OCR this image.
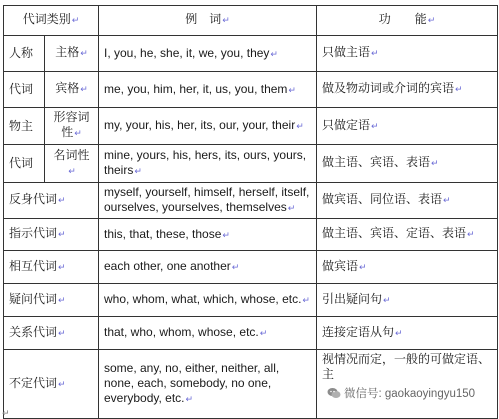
代词类别↵		例　词↵	功　　能↵
人称	主格↵	I, you, he, she, it, we, you, they↵	只做主语↵
代词	宾格↵	me, you, him, her, it, us, you, them↵	做及物动词或介词的宾语↵
物主	形容词性↵	my, your, his, her, its, our, your, their↵	只做定语↵
代词	名词性↵	mine, yours, his, hers, its, ours, yours, theirs↵	做主语、宾语、表语↵
反身代词↵		myself, yourself, himself, herself, itself, ourselves, yourselves, themselves↵	做宾语、同位语、表语↵
指示代词↵		this, that, these, those↵	做主语、宾语、定语、表语↵
相互代词↵		each other, one another↵	做宾语↵
疑问代词↵		who, whom, what, which, whose, etc.↵	引出疑问句↵
关系代词↵		that, who, whom, whose, etc.↵	连接定语从句↵
不定代词↵		some, any, no, either, neither, all, none, each, somebody, no one, everybody, etc.↵	视情况而定，一般的可做定语、主
微信号: gaokaoyingyu150
↵
